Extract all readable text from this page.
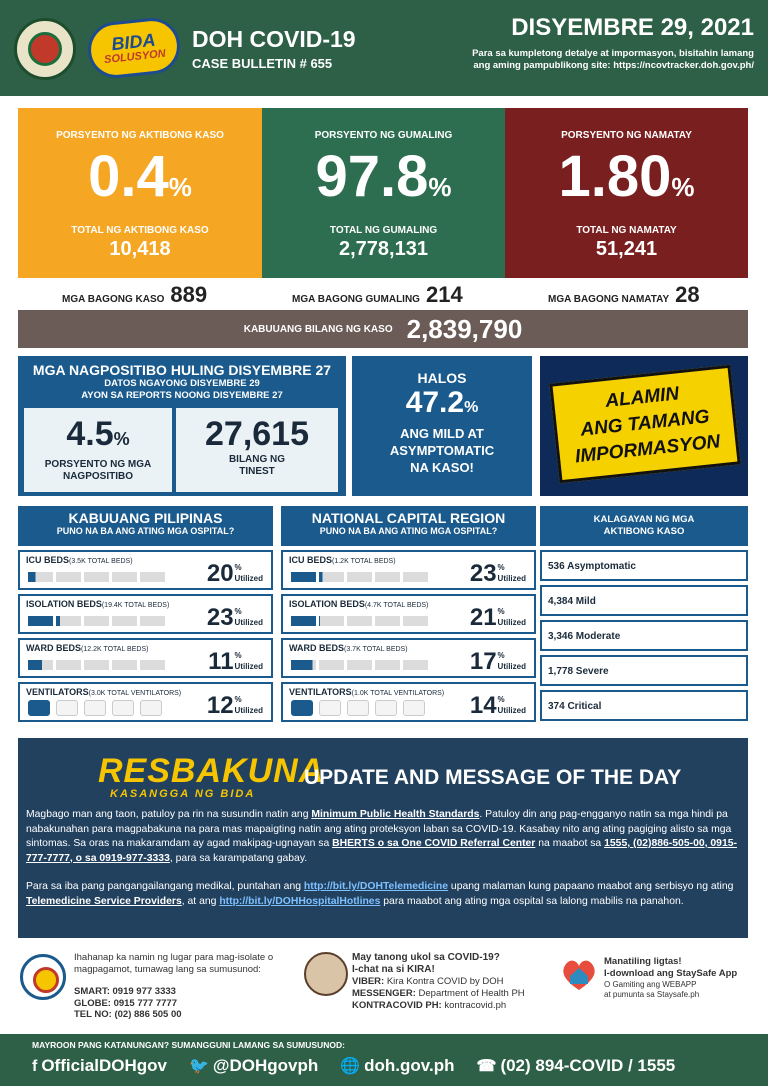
BIDA
SOLUSYON
DOH COVID-19
CASE BULLETIN # 655
DISYEMBRE 29, 2021
Para sa kumpletong detalye at impormasyon, bisitahin lamang ang aming pampublikong site: https://ncovtracker.doh.gov.ph/
PORSYENTO NG AKTIBONG KASO
0.4%
TOTAL NG AKTIBONG KASO
10,418
PORSYENTO NG GUMALING
97.8%
TOTAL NG GUMALING
2,778,131
PORSYENTO NG NAMATAY
1.80%
TOTAL NG NAMATAY
51,241
MGA BAGONG KASO 889	MGA BAGONG GUMALING 214	MGA BAGONG NAMATAY 28
KABUUANG BILANG NG KASO 2,839,790
MGA NAGPOSITIBO HULING DISYEMBRE 27
DATOS NGAYONG DISYEMBRE 29
AYON SA REPORTS NOONG DISYEMBRE 27
4.5%
PORSYENTO NG MGA
NAGPOSITIBO
27,615
BILANG NG
TINEST
HALOS
47.2%
ANG MILD AT
ASYMPTOMATIC
NA KASO!
ALAMIN
ANG TAMANG
IMPORMASYON
KABUUANG PILIPINAS
PUNO NA BA ANG ATING MGA OSPITAL?
ICU BEDS(3.5K TOTAL BEDS)	20 %
Utilized
ISOLATION BEDS(19.4K TOTAL BEDS) 23 %
Utilized
WARD BEDS(12.2K TOTAL BEDS) 11 %
Utilized
VENTILATORS(3.0K TOTAL VENTILATORS) 12 %
Utilized
NATIONAL CAPITAL REGION
PUNO NA BA ANG ATING MGA OSPITAL?
ICU BEDS(1.2K TOTAL BEDS)	23 %
Utilized
ISOLATION BEDS(4.7K TOTAL BEDS) 21 %
Utilized
WARD BEDS(3.7K TOTAL BEDS)	17 %
Utilized
VENTILATORS(1.0K TOTAL VENTILATORS) 14 %
Utilized
KALAGAYAN NG MGA
AKTIBONG KASO
536 Asymptomatic
4,384 Mild
3,346 Moderate
1,778 Severe
374 Critical
RESBAKUNA
KASANGGA NG BIDA
UPDATE AND MESSAGE OF THE DAY
Magbago man ang taon, patuloy pa rin na susundin natin ang Minimum Public Health Standards. Patuloy din ang pag-engganyo natin sa mga hindi pa nabakunahan para magpabakuna na para mas mapaigting natin ang ating proteksyon laban sa COVID-19. Kasabay nito ang ating pagiging alisto sa mga sintomas. Sa oras na makaramdam ay agad makipag-ugnayan sa BHERTS o sa One COVID Referral Center na maabot sa 1555, (02)886-505-00, 0915-777-7777, o sa 0919-977-3333, para sa karampatang gabay.
Para sa iba pang pangangailangang medikal, puntahan ang http://bit.ly/DOHTelemedicine upang malaman kung papaano maabot ang serbisyo ng ating Telemedicine Service Providers, at ang http://bit.ly/DOHHospitalHotlines para maabot ang ating mga ospital sa lalong mabilis na panahon.
Ihahanap ka namin ng lugar para mag-isolate o magpagamot, tumawag lang sa sumusunod:
SMART: 0919 977 3333
GLOBE: 0915 777 7777
TEL NO: (02) 886 505 00
May tanong ukol sa COVID-19?
I-chat na si KIRA!
VIBER: Kira Kontra COVID by DOH
MESSENGER: Department of Health PH
KONTRACOVID PH: kontracovid.ph
Manatiling ligtas!
I-download ang StaySafe App
O Gamiting ang WEBAPP
at pumunta sa Staysafe.ph
MAYROON PANG KATANUNGAN? SUMANGGUNI LAMANG SA SUMUSUNOD:
f OfficialDOHgov 🐦 @DOHgovph 🌐 doh.gov.ph ☎ (02) 894-COVID / 1555
